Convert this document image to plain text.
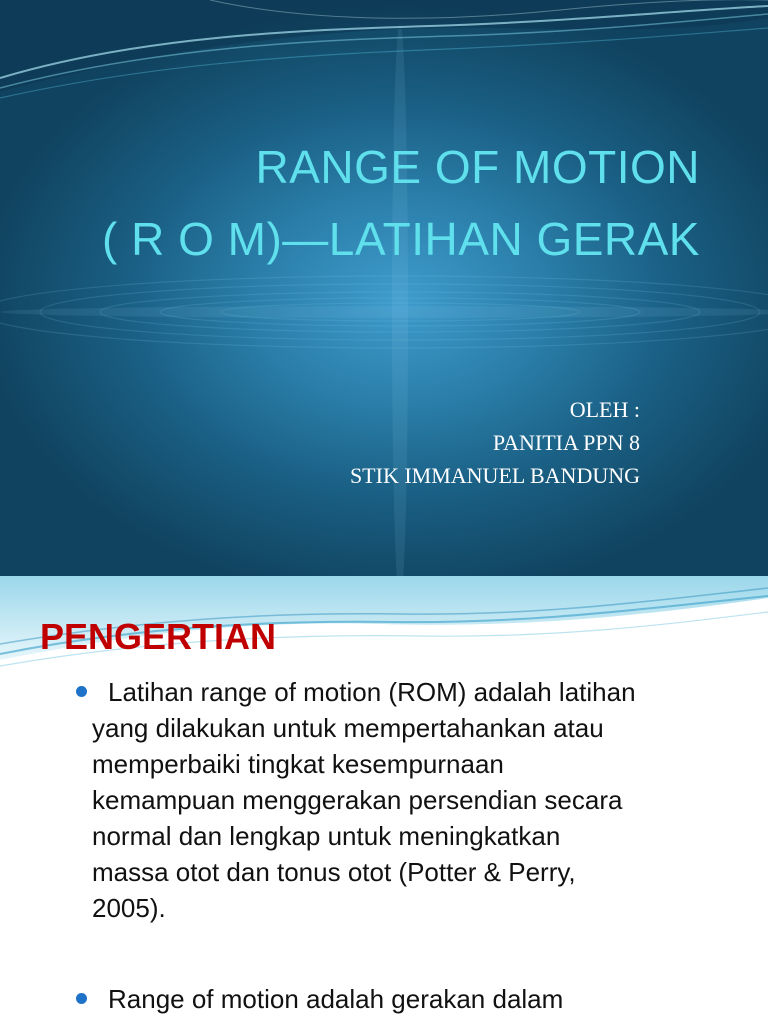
RANGE OF MOTION
( R O M)—LATIHAN GERAK
OLEH :
PANITIA PPN 8
STIK IMMANUEL BANDUNG
PENGERTIAN
Latihan range of motion (ROM) adalah latihan
yang dilakukan untuk mempertahankan atau
memperbaiki tingkat kesempurnaan
kemampuan menggerakan persendian secara
normal dan lengkap untuk meningkatkan
massa otot dan tonus otot (Potter & Perry,
2005).
Range of motion adalah gerakan dalam
